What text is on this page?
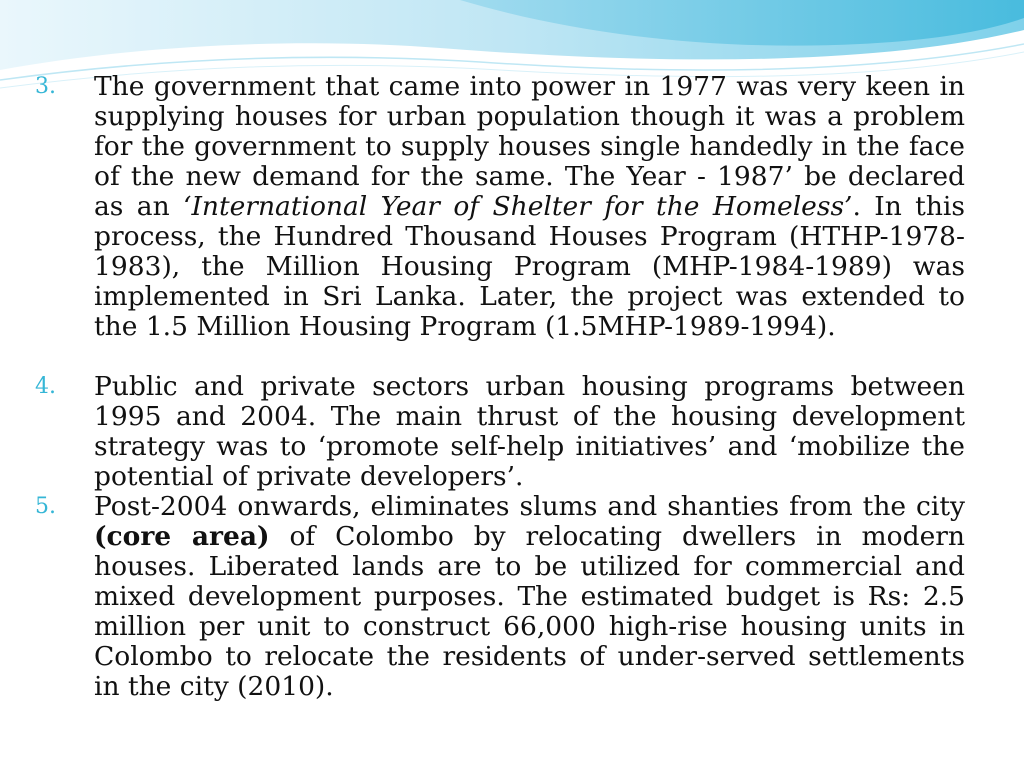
3. The government that came into power in 1977 was very keen in supplying houses for urban population though it was a problem for the government to supply houses single handedly in the face of the new demand for the same. The Year - 1987’ be declared as an ‘International Year of Shelter for the Homeless’. In this process, the Hundred Thousand Houses Program (HTHP-1978-1983), the Million Housing Program (MHP-1984-1989) was implemented in Sri Lanka. Later, the project was extended to the 1.5 Million Housing Program (1.5MHP-1989-1994).
4. Public and private sectors urban housing programs between 1995 and 2004. The main thrust of the housing development strategy was to ‘promote self-help initiatives’ and ‘mobilize the potential of private developers’.
5. Post-2004 onwards, eliminates slums and shanties from the city (core area) of Colombo by relocating dwellers in modern houses. Liberated lands are to be utilized for commercial and mixed development purposes. The estimated budget is Rs: 2.5 million per unit to construct 66,000 high-rise housing units in Colombo to relocate the residents of under-served settlements in the city (2010).
